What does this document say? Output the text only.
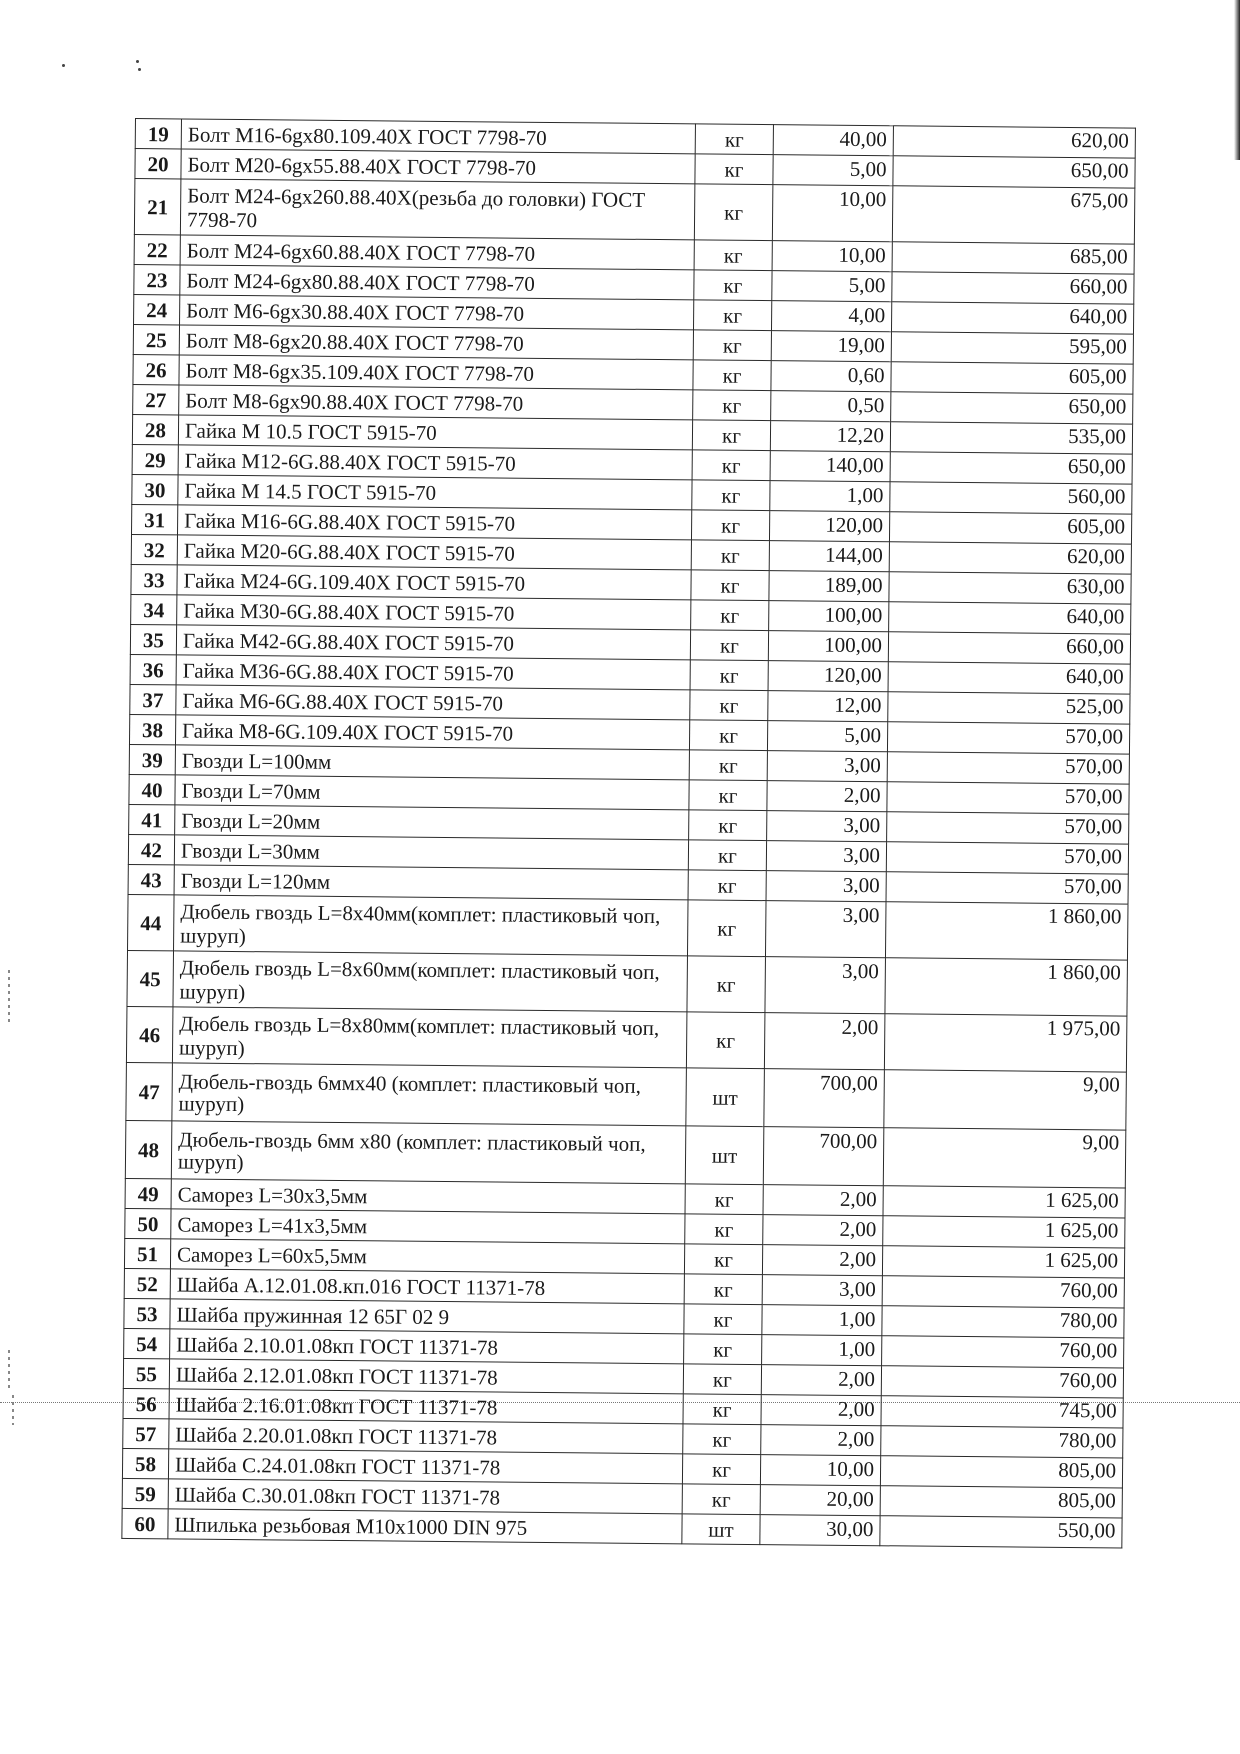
19	Болт М16-6gх80.109.40Х ГОСТ 7798-70	кг	40,00	620,00
20	Болт М20-6gх55.88.40Х ГОСТ 7798-70	кг	5,00	650,00
21	Болт М24-6gх260.88.40Х(резьба до головки) ГОСТ 7798-70	кг	10,00	675,00
22	Болт М24-6gх60.88.40Х ГОСТ 7798-70	кг	10,00	685,00
23	Болт М24-6gх80.88.40Х ГОСТ 7798-70	кг	5,00	660,00
24	Болт М6-6gх30.88.40Х ГОСТ 7798-70	кг	4,00	640,00
25	Болт М8-6gх20.88.40Х ГОСТ 7798-70	кг	19,00	595,00
26	Болт М8-6gх35.109.40Х ГОСТ 7798-70	кг	0,60	605,00
27	Болт М8-6gх90.88.40Х ГОСТ 7798-70	кг	0,50	650,00
28	Гайка М 10.5 ГОСТ 5915-70	кг	12,20	535,00
29	Гайка М12-6G.88.40Х ГОСТ 5915-70	кг	140,00	650,00
30	Гайка М 14.5 ГОСТ 5915-70	кг	1,00	560,00
31	Гайка М16-6G.88.40Х ГОСТ 5915-70	кг	120,00	605,00
32	Гайка М20-6G.88.40Х ГОСТ 5915-70	кг	144,00	620,00
33	Гайка М24-6G.109.40Х ГОСТ 5915-70	кг	189,00	630,00
34	Гайка М30-6G.88.40Х ГОСТ 5915-70	кг	100,00	640,00
35	Гайка М42-6G.88.40Х ГОСТ 5915-70	кг	100,00	660,00
36	Гайка М36-6G.88.40Х ГОСТ 5915-70	кг	120,00	640,00
37	Гайка М6-6G.88.40Х ГОСТ 5915-70	кг	12,00	525,00
38	Гайка М8-6G.109.40Х ГОСТ 5915-70	кг	5,00	570,00
39	Гвозди L=100мм	кг	3,00	570,00
40	Гвозди L=70мм	кг	2,00	570,00
41	Гвозди L=20мм	кг	3,00	570,00
42	Гвозди L=30мм	кг	3,00	570,00
43	Гвозди L=120мм	кг	3,00	570,00
44	Дюбель гвоздь L=8х40мм(комплет: пластиковый чоп, шуруп)	кг	3,00	1 860,00
45	Дюбель гвоздь L=8х60мм(комплет: пластиковый чоп, шуруп)	кг	3,00	1 860,00
46	Дюбель гвоздь L=8х80мм(комплет: пластиковый чоп, шуруп)	кг	2,00	1 975,00
47	Дюбель-гвоздь 6ммх40 (комплет: пластиковый чоп, шуруп)	шт	700,00	9,00
48	Дюбель-гвоздь 6мм х80 (комплет: пластиковый чоп, шуруп)	шт	700,00	9,00
49	Саморез L=30х3,5мм	кг	2,00	1 625,00
50	Саморез L=41х3,5мм	кг	2,00	1 625,00
51	Саморез L=60х5,5мм	кг	2,00	1 625,00
52	Шайба А.12.01.08.кп.016 ГОСТ 11371-78	кг	3,00	760,00
53	Шайба пружинная 12 65Г 02 9	кг	1,00	780,00
54	Шайба 2.10.01.08кп ГОСТ 11371-78	кг	1,00	760,00
55	Шайба 2.12.01.08кп ГОСТ 11371-78	кг	2,00	760,00
56	Шайба 2.16.01.08кп ГОСТ 11371-78	кг	2,00	745,00
57	Шайба 2.20.01.08кп ГОСТ 11371-78	кг	2,00	780,00
58	Шайба С.24.01.08кп ГОСТ 11371-78	кг	10,00	805,00
59	Шайба С.30.01.08кп ГОСТ 11371-78	кг	20,00	805,00
60	Шпилька резьбовая М10х1000 DIN 975	шт	30,00	550,00
